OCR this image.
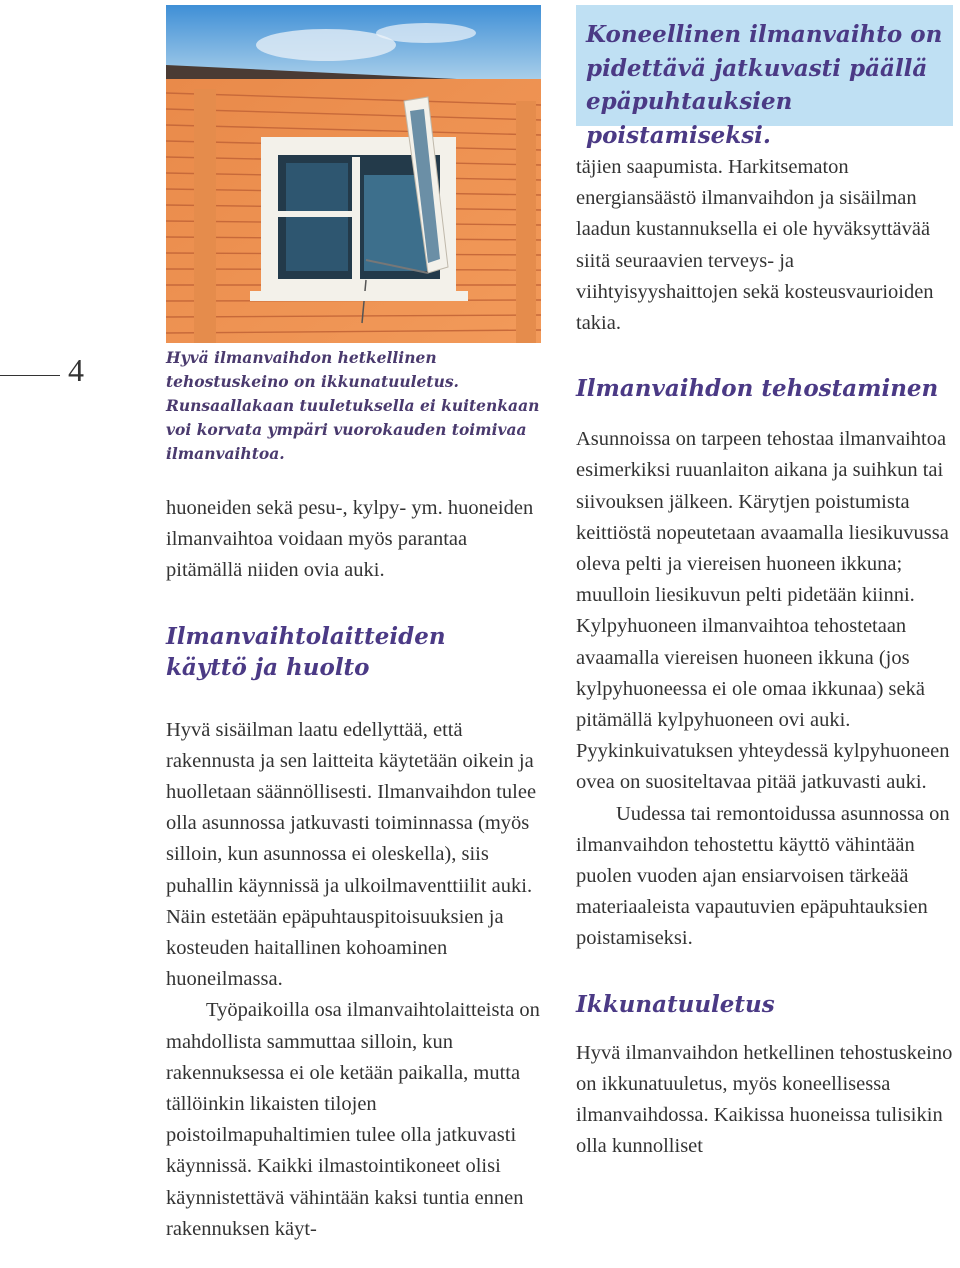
4	Hyvä ilmanvaihdon hetkellinen tehostuskeino on ikkunatuuletus. Runsaallakaan tuuletuksella ei kuitenkaan voi korvata ympäri vuorokauden toimivaa ilmanvaihtoa.

huoneiden sekä pesu-, kylpy- ym. huoneiden ilmanvaihtoa voidaan myös parantaa pitämällä niiden ovia auki.

Ilmanvaihtolaitteiden käyttö ja huolto

Hyvä sisäilman laatu edellyttää, että rakennusta ja sen laitteita käytetään oikein ja huolletaan säännöllisesti. Ilmanvaihdon tulee olla asunnossa jatkuvasti toiminnassa (myös silloin, kun asunnossa ei oleskella), siis puhallin käynnissä ja ulkoilmaventtiilit auki. Näin estetään epäpuhtauspitoisuuksien ja kosteuden haitallinen kohoaminen huoneilmassa.

Työpaikoilla osa ilmanvaihtolaitteista on mahdollista sammuttaa silloin, kun rakennuksessa ei ole ketään paikalla, mutta tällöinkin likaisten tilojen poistoilmapuhaltimien tulee olla jatkuvasti käynnissä. Kaikki ilmastointikoneet olisi käynnistettävä vähintään kaksi tuntia ennen rakennuksen käyt-

Koneellinen ilmanvaihto on pidettävä jatkuvasti päällä epäpuhtauksien poistamiseksi.

täjien saapumista. Harkitsematon energiansäästö ilmanvaihdon ja sisäilman laadun kustannuksella ei ole hyväksyttävää siitä seuraavien terveys- ja viihtyisyyshaittojen sekä kosteusvaurioiden takia.

Ilmanvaihdon tehostaminen

Asunnoissa on tarpeen tehostaa ilmanvaihtoa esimerkiksi ruuanlaiton aikana ja suihkun tai siivouksen jälkeen. Kärytjen poistumista keittiöstä nopeutetaan avaamalla liesikuvussa oleva pelti ja viereisen huoneen ikkuna; muulloin liesikuvun pelti pidetään kiinni. Kylpyhuoneen ilmanvaihtoa tehostetaan avaamalla viereisen huoneen ikkuna (jos kylpyhuoneessa ei ole omaa ikkunaa) sekä pitämällä kylpyhuoneen ovi auki. Pyykinkuivatuksen yhteydessä kylpyhuoneen ovea on suositeltavaa pitää jatkuvasti auki.

Uudessa tai remontoidussa asunnossa on ilmanvaihdon tehostettu käyttö vähintään puolen vuoden ajan ensiarvoisen tärkeää materiaaleista vapautuvien epäpuhtauksien poistamiseksi.

Ikkunatuuletus

Hyvä ilmanvaihdon hetkellinen tehostuskeino on ikkunatuuletus, myös koneellisessa ilmanvaihdossa. Kaikissa huoneissa tulisikin olla kunnolliset
